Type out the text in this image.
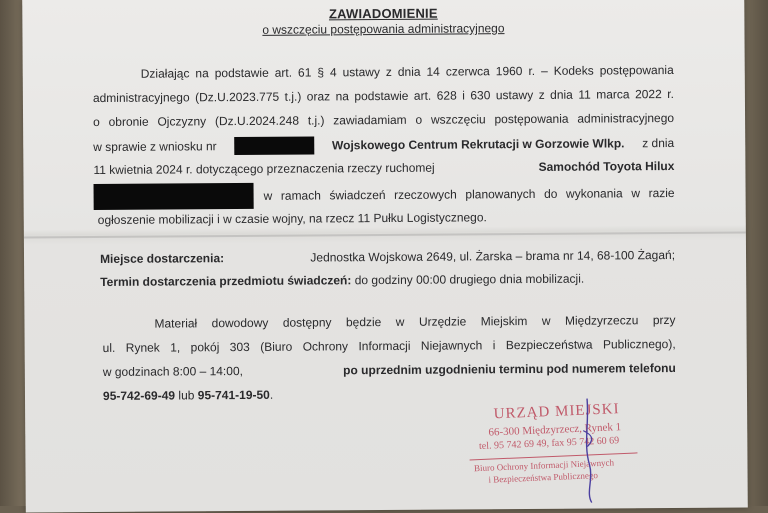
ZAWIADOMIENIE
o wszczęciu postępowania administracyjnego
Działając na podstawie art. 61 § 4 ustawy z dnia 14 czerwca 1960 r. – Kodeks postępowania
administracyjnego (Dz.U.2023.775 t.j.) oraz na podstawie art. 628 i 630 ustawy z dnia 11 marca 2022 r.
o obronie Ojczyzny (Dz.U.2024.248 t.j.) zawiadamiam o wszczęciu postępowania administracyjnego
w sprawie z wniosku nr	Wojskowego Centrum Rekrutacji w Gorzowie Wlkp. z dnia
11 kwietnia 2024 r. dotyczącego przeznaczenia rzeczy ruchomej	Samochód Toyota Hilux
w ramach świadczeń rzeczowych planowanych do wykonania w razie
ogłoszenie mobilizacji i w czasie wojny, na rzecz 11 Pułku Logistycznego.
Miejsce dostarczenia:	Jednostka Wojskowa 2649, ul. Żarska – brama nr 14, 68-100 Żagań;
Termin dostarczenia przedmiotu świadczeń: do godziny 00:00 drugiego dnia mobilizacji.
Materiał dowodowy dostępny będzie w Urzędzie Miejskim w Międzyrzeczu przy
ul. Rynek 1, pokój 303 (Biuro Ochrony Informacji Niejawnych i Bezpieczeństwa Publicznego),
w godzinach 8:00 – 14:00,	po uprzednim uzgodnieniu terminu pod numerem telefonu
95-742-69-49 lub 95-741-19-50.
URZĄD MIEJSKI
66-300 Międzyrzecz, Rynek 1
tel. 95 742 69 49, fax 95 742 60 69
Biuro Ochrony Informacji Niejawnych
i Bezpieczeństwa Publicznego
